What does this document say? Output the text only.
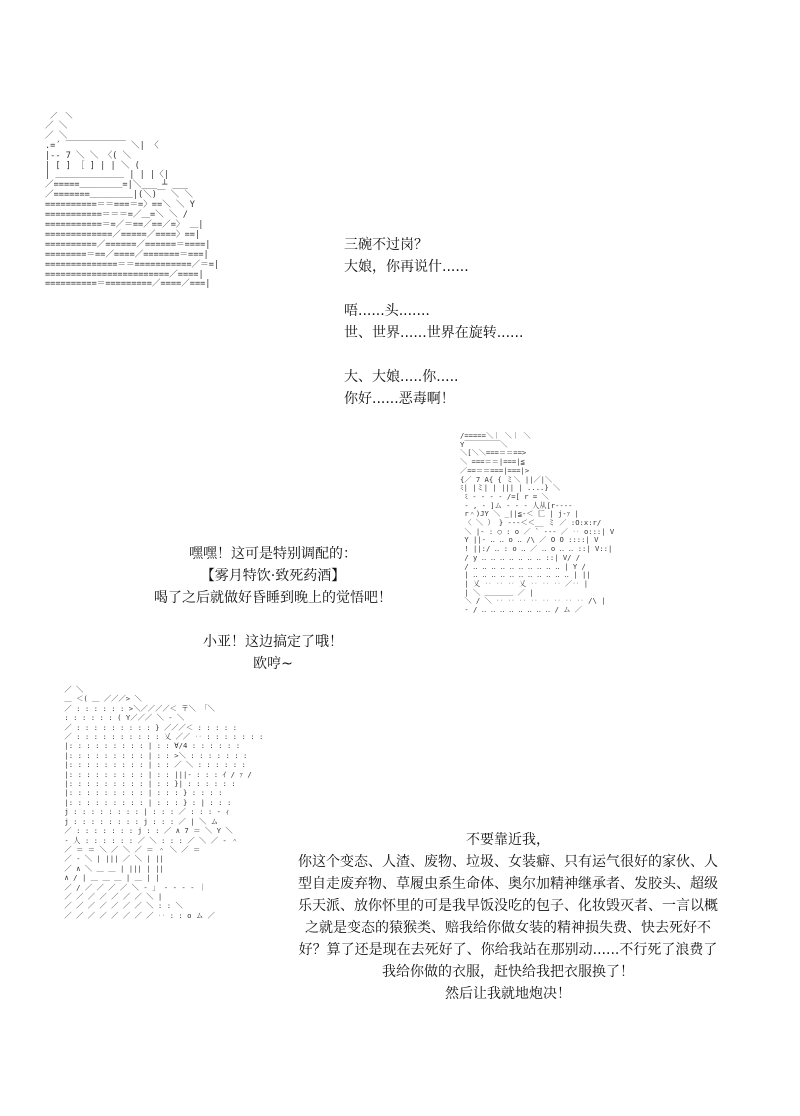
／ ＼
／ ＼
／ ＼
.=´ ￣￣￣￣￣￣￣ ＼| 〈
|‐‐ 7 ＼ ＼ 〈( ＼
| [ ] ［ ] | | ＼ (
| ＿＿＿＿＿＿＿＿ | | |〈|
／=====＿＿＿＿＿=|＼___ ┴ ___
／=======＿＿＿＿＿|(＼)￣ ＼ ＼
==========＝＝===＝=〉==＼ ＼ Y
===========＝＝＝=／＿=＼ ＼ /
===========＝=／＝==／==／=〉 ＿|
=============／=====／====〉==|
==========／======／======＝====|
========＝==／====／=======＝===|
==============＝＝===========／＝=|
========================／====|
==========＝=========／====／===|
/=====＼｜ ＼｜ ＼
Y￣￣￣￣￣＼
＼[＼＼===＝＝==>
＼ ===＝＝|===|≦
／==＝＝===|===|>
{／ 7 A{ { ミ＼ ||／|＼
ﾐ| |ミ| | ||| | ....} ＼
ﾐ ‐ ‐ ‐ ‐ /=[ r = ＼
‐ , ‐ ]ム ‐ ‐ ‐ 人从[r‐‐‐‐
r＾)JY ＼ _||≦‐＜ 匚 | j‐ｧ |
〈 ＼ ） } ‐‐‐＜＜__ ミ ／ :O:x:r/
＼ |‐ : ○ : o ／ ` ‐‐‐ ／ ‥ o:::| V
Y ||‐ ‥ ‥ o ‥ /\ ／ O O ::::| V
! ||:/ ‥ : o ‥ ／ ‥ o ‥ ‥ ::| V::|
/ y ‥ ‥ ‥ ‥ ‥ ‥ ‥ ::| V/ /
/ ‥ ‥ ‥ ‥ ‥ ‥ ‥ ‥ ‥ ‥ | Y /
| ‥ ‥ ‥ ‥ ‥ ‥ ‥ ‥ ‥ ‥ ‥ | ||
| 乂 ‥ ‥ ‥ 乂 ‥ ‥ ‥ ／‥ |
| ＼ ＿＿＿＿ ／ |
＼ / ＼ ‥ ‥ ‥ ‥ ‥ ‥ ‥ ‥ /\ |
‐ / ‥ ‥ ‥ ‥ ‥ ‥ ‥ ‥ / ム ／
／ ＼
＿ ＜( ＿ ／／／> ＼
／ : : : : : : >＼／／／／＜ 〒＼ 「＼
: : : : : : ( Y／／／ ＼ ‐ ＼
／ : : : : : : : : : } ／／／＜ : : : : :
／ : : : : : : : : : : 乂 ／／ ‥ : : : : : : :
|: : : : : : : : : | : : ∀/4 : : : : : :
|: : : : : : : : : | : : >＼ : : : : : : :
|: : : : : : : : : | : : ／ ＼ : : : : : :
|: : : : : : : : : | : : |||‐ : : : ｲ / ｧ /
|: : : : : : : : : | : : }| : : : : : :
|: : : : : : : : : | : : : } : : : :
|: : : : : : : : : | : : : } : | : : :
j : : : : : : : : | : : : ／ : : : ‐ ｨ
j : : : : : : : : j : : : ／ | ＼ ム
／ : : : : : : : j : : ／ ∧ 7 ＝ ＼ Y ＼
‐ 人 : : : : : : ／ ＼ : : : ／ ＼ ／ ‐ ＾
／ ＝ ＝ ＼ ／ ＼ ／ ＝ ＾ ＼ ／ ＝
／ ‐ ＼ | ||| ／ ＼ | ||
／ ∧ ＼ ＿ ＿ | ||| | ||
∧ / | ＿ ＿ ＿ | ＿ | |
／ / ／ ／ ／ ／ ＼ ‐ 」 ‐ ‐ ‐ ‐ ｜
／ ／ ／ ／ ／ ／ ／ ＼ |
／ ／ ／ ／ ／ ／ ／ ＼ : : ＼
／ ／ ／ ／ ／ ／ ／ ／ ‥ : : o ム ／
三碗不过岗？
大娘，你再说什......
唔......头.......
世、世界......世界在旋转......
大、大娘.....你.....
你好......恶毒啊！
嘿嘿！这可是特别调配的：
【雾月特饮·致死药酒】
喝了之后就做好昏睡到晚上的觉悟吧！
小亚！这边搞定了哦！
欧哼~
不要靠近我，
你这个变态、人渣、废物、垃圾、女装癖、只有运气很好的家伙、人型自走废弃物、草履虫系生命体、奥尔加精神继承者、发胶头、超级乐天派、放你怀里的可是我早饭没吃的包子、化妆毁灭者、一言以概之就是变态的猿猴类、赔我给你做女装的精神损失费、快去死好不好？算了还是现在去死好了、你给我站在那别动......不行死了浪费了我给你做的衣服，赶快给我把衣服换了！
然后让我就地炮决！
